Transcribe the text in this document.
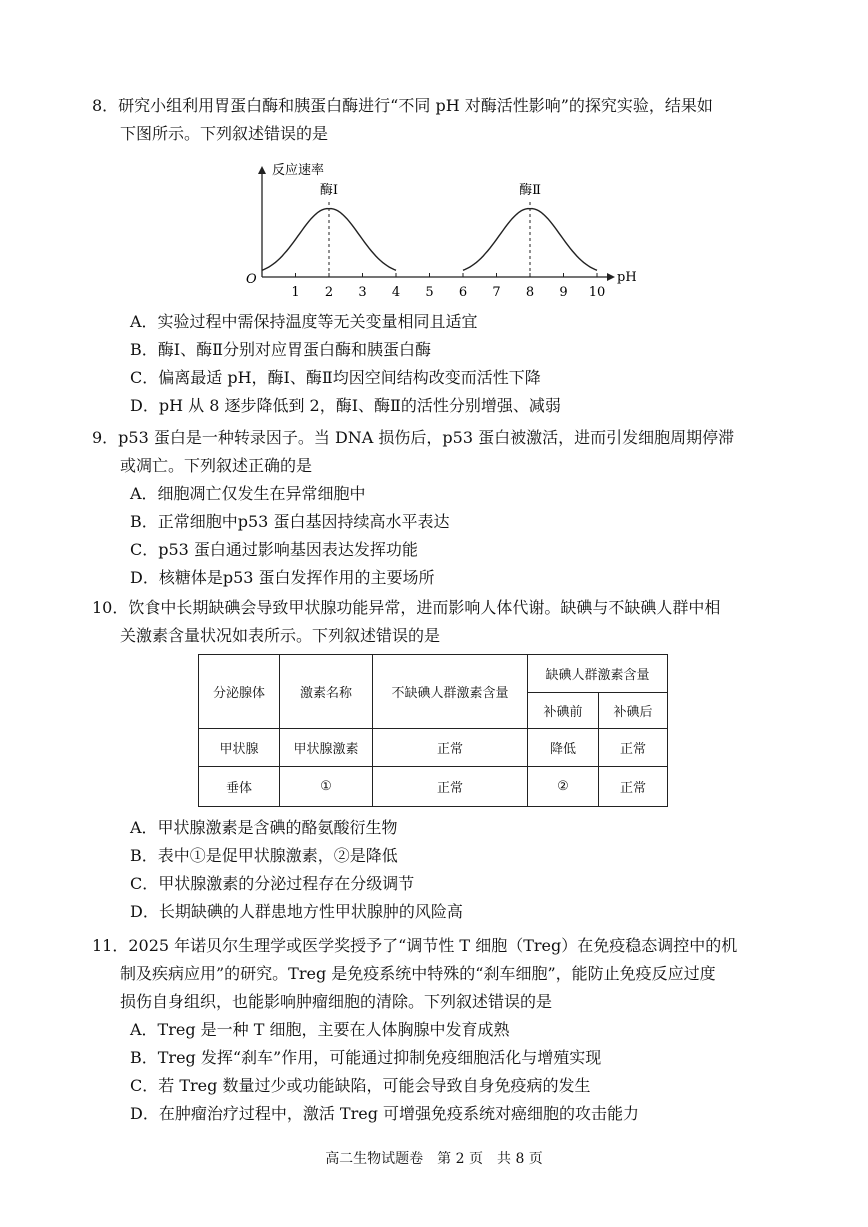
8．研究小组利用胃蛋白酶和胰蛋白酶进行“不同 pH 对酶活性影响”的探究实验，结果如
下图所示。下列叙述错误的是
反应速率
pH
O
1 2 3 4 5 6 7 8 9 10
酶Ⅰ	酶Ⅱ
A．实验过程中需保持温度等无关变量相同且适宜
B．酶Ⅰ、酶Ⅱ分别对应胃蛋白酶和胰蛋白酶
C．偏离最适 pH，酶Ⅰ、酶Ⅱ均因空间结构改变而活性下降
D．pH 从 8 逐步降低到 2，酶Ⅰ、酶Ⅱ的活性分别增强、减弱
9．p53 蛋白是一种转录因子。当 DNA 损伤后，p53 蛋白被激活，进而引发细胞周期停滞
或凋亡。下列叙述正确的是
A．细胞凋亡仅发生在异常细胞中
B．正常细胞中p53 蛋白基因持续高水平表达
C．p53 蛋白通过影响基因表达发挥功能
D．核糖体是p53 蛋白发挥作用的主要场所
10．饮食中长期缺碘会导致甲状腺功能异常，进而影响人体代谢。缺碘与不缺碘人群中相
关激素含量状况如表所示。下列叙述错误的是
分泌腺体	激素名称	不缺碘人群激素含量	缺碘人群激素含量	
			补碘前	补碘后
甲状腺	甲状腺激素	正常	降低	正常
垂体	①	正常	②	正常
A．甲状腺激素是含碘的酪氨酸衍生物
B．表中①是促甲状腺激素，②是降低
C．甲状腺激素的分泌过程存在分级调节
D．长期缺碘的人群患地方性甲状腺肿的风险高
11．2025 年诺贝尔生理学或医学奖授予了“调节性 T 细胞（Treg）在免疫稳态调控中的机
制及疾病应用”的研究。Treg 是免疫系统中特殊的“刹车细胞”，能防止免疫反应过度
损伤自身组织，也能影响肿瘤细胞的清除。下列叙述错误的是
A．Treg 是一种 T 细胞，主要在人体胸腺中发育成熟
B．Treg 发挥“刹车”作用，可能通过抑制免疫细胞活化与增殖实现
C．若 Treg 数量过少或功能缺陷，可能会导致自身免疫病的发生
D．在肿瘤治疗过程中，激活 Treg 可增强免疫系统对癌细胞的攻击能力
高二生物试题卷　第 2 页　共 8 页
